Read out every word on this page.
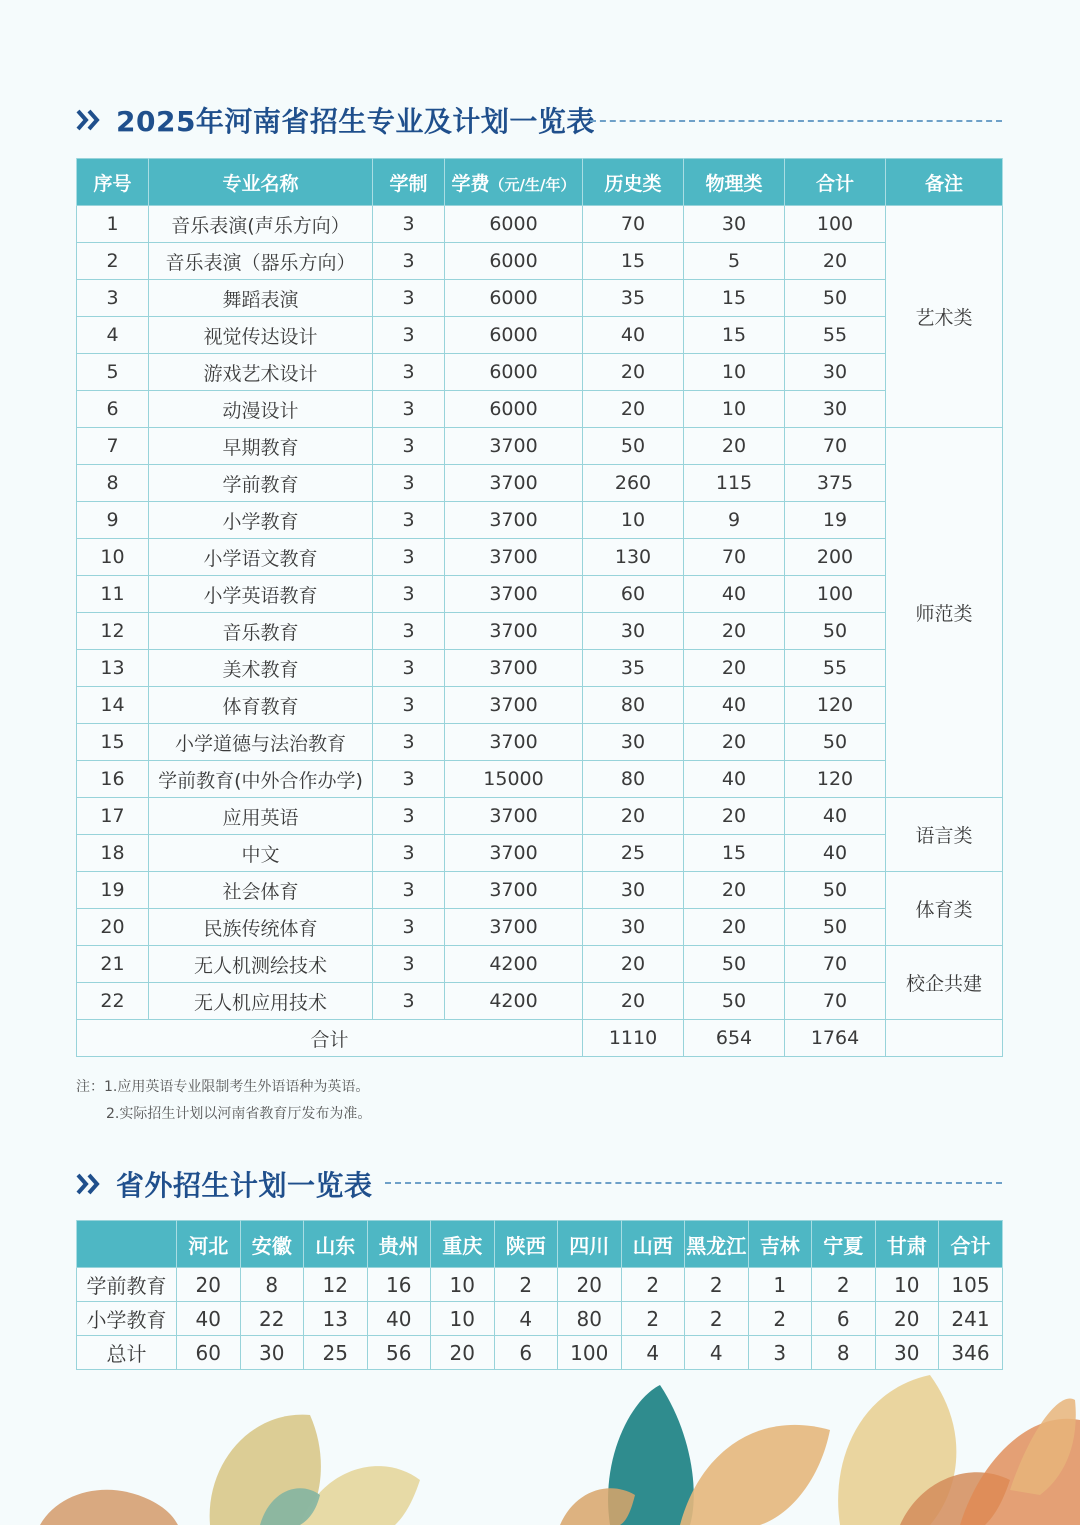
2025年河南省招生专业及计划一览表
序号	专业名称	学制	学费（元/生/年）	历史类	物理类	合计	备注
1	音乐表演(声乐方向）	3	6000	70	30	100	艺术类
2	音乐表演（器乐方向）	3	6000	15	5	20	
3	舞蹈表演	3	6000	35	15	50	
4	视觉传达设计	3	6000	40	15	55	
5	游戏艺术设计	3	6000	20	10	30	
6	动漫设计	3	6000	20	10	30	
7	早期教育	3	3700	50	20	70	师范类
8	学前教育	3	3700	260	115	375	
9	小学教育	3	3700	10	9	19	
10	小学语文教育	3	3700	130	70	200	
11	小学英语教育	3	3700	60	40	100	
12	音乐教育	3	3700	30	20	50	
13	美术教育	3	3700	35	20	55	
14	体育教育	3	3700	80	40	120	
15	小学道德与法治教育	3	3700	30	20	50	
16	学前教育(中外合作办学)	3	15000	80	40	120	
17	应用英语	3	3700	20	20	40	语言类
18	中文	3	3700	25	15	40	
19	社会体育	3	3700	30	20	50	体育类
20	民族传统体育	3	3700	30	20	50	
21	无人机测绘技术	3	4200	20	50	70	校企共建
22	无人机应用技术	3	4200	20	50	70	
合计				1110	654	1764	
注：1.应用英语专业限制考生外语语种为英语。
2.实际招生计划以河南省教育厅发布为准。
省外招生计划一览表
	河北	安徽	山东	贵州	重庆	陕西	四川	山西	黑龙江	吉林	宁夏	甘肃	合计
学前教育	20	8	12	16	10	2	20	2	2	1	2	10	105
小学教育	40	22	13	40	10	4	80	2	2	2	6	20	241
总计	60	30	25	56	20	6	100	4	4	3	8	30	346
